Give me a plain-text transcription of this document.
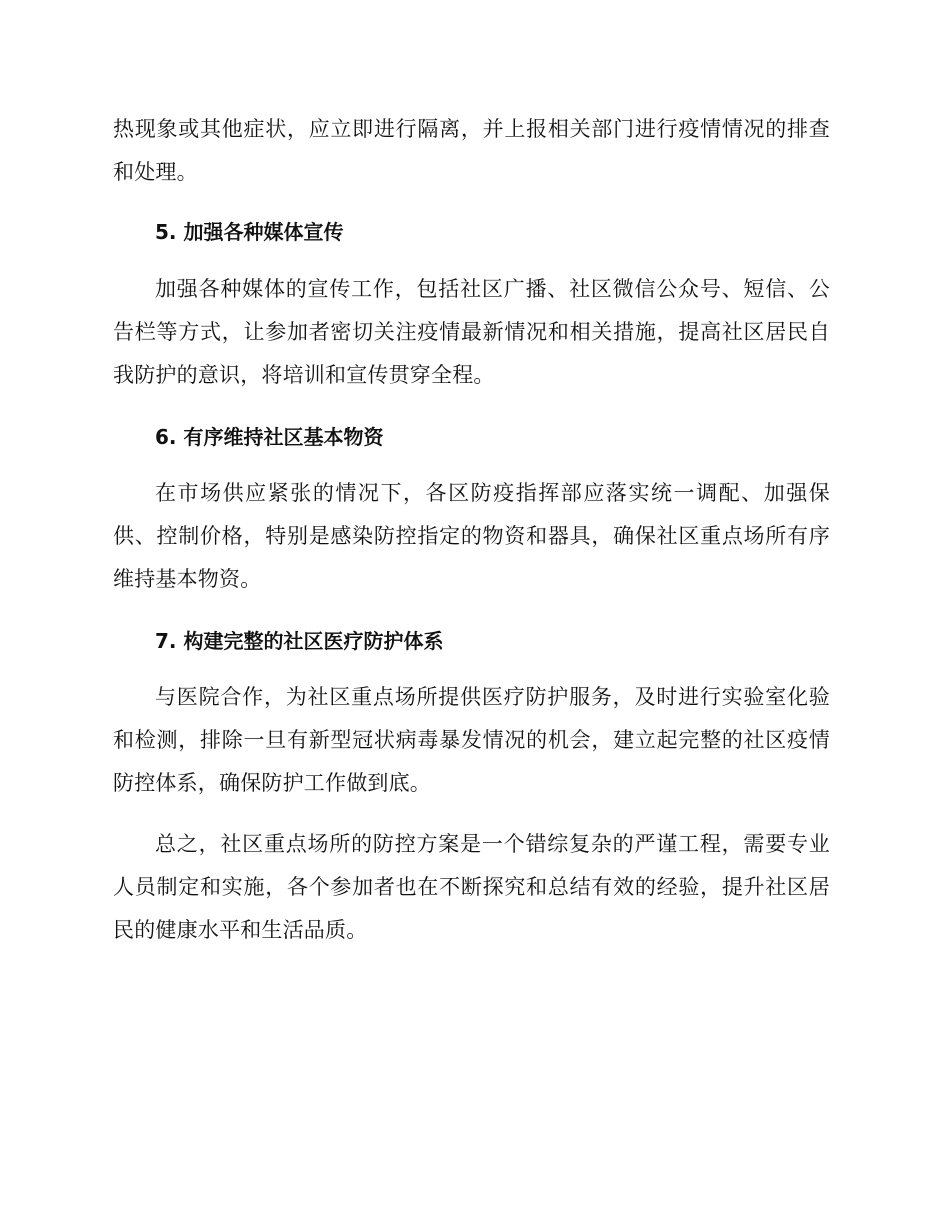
热现象或其他症状，应立即进行隔离，并上报相关部门进行疫情情况的排查和处理。

5. 加强各种媒体宣传

加强各种媒体的宣传工作，包括社区广播、社区微信公众号、短信、公告栏等方式，让参加者密切关注疫情最新情况和相关措施，提高社区居民自我防护的意识，将培训和宣传贯穿全程。

6. 有序维持社区基本物资

在市场供应紧张的情况下，各区防疫指挥部应落实统一调配、加强保供、控制价格，特别是感染防控指定的物资和器具，确保社区重点场所有序维持基本物资。

7. 构建完整的社区医疗防护体系

与医院合作，为社区重点场所提供医疗防护服务，及时进行实验室化验和检测，排除一旦有新型冠状病毒暴发情况的机会，建立起完整的社区疫情防控体系，确保防护工作做到底。

总之，社区重点场所的防控方案是一个错综复杂的严谨工程，需要专业人员制定和实施，各个参加者也在不断探究和总结有效的经验，提升社区居民的健康水平和生活品质。
